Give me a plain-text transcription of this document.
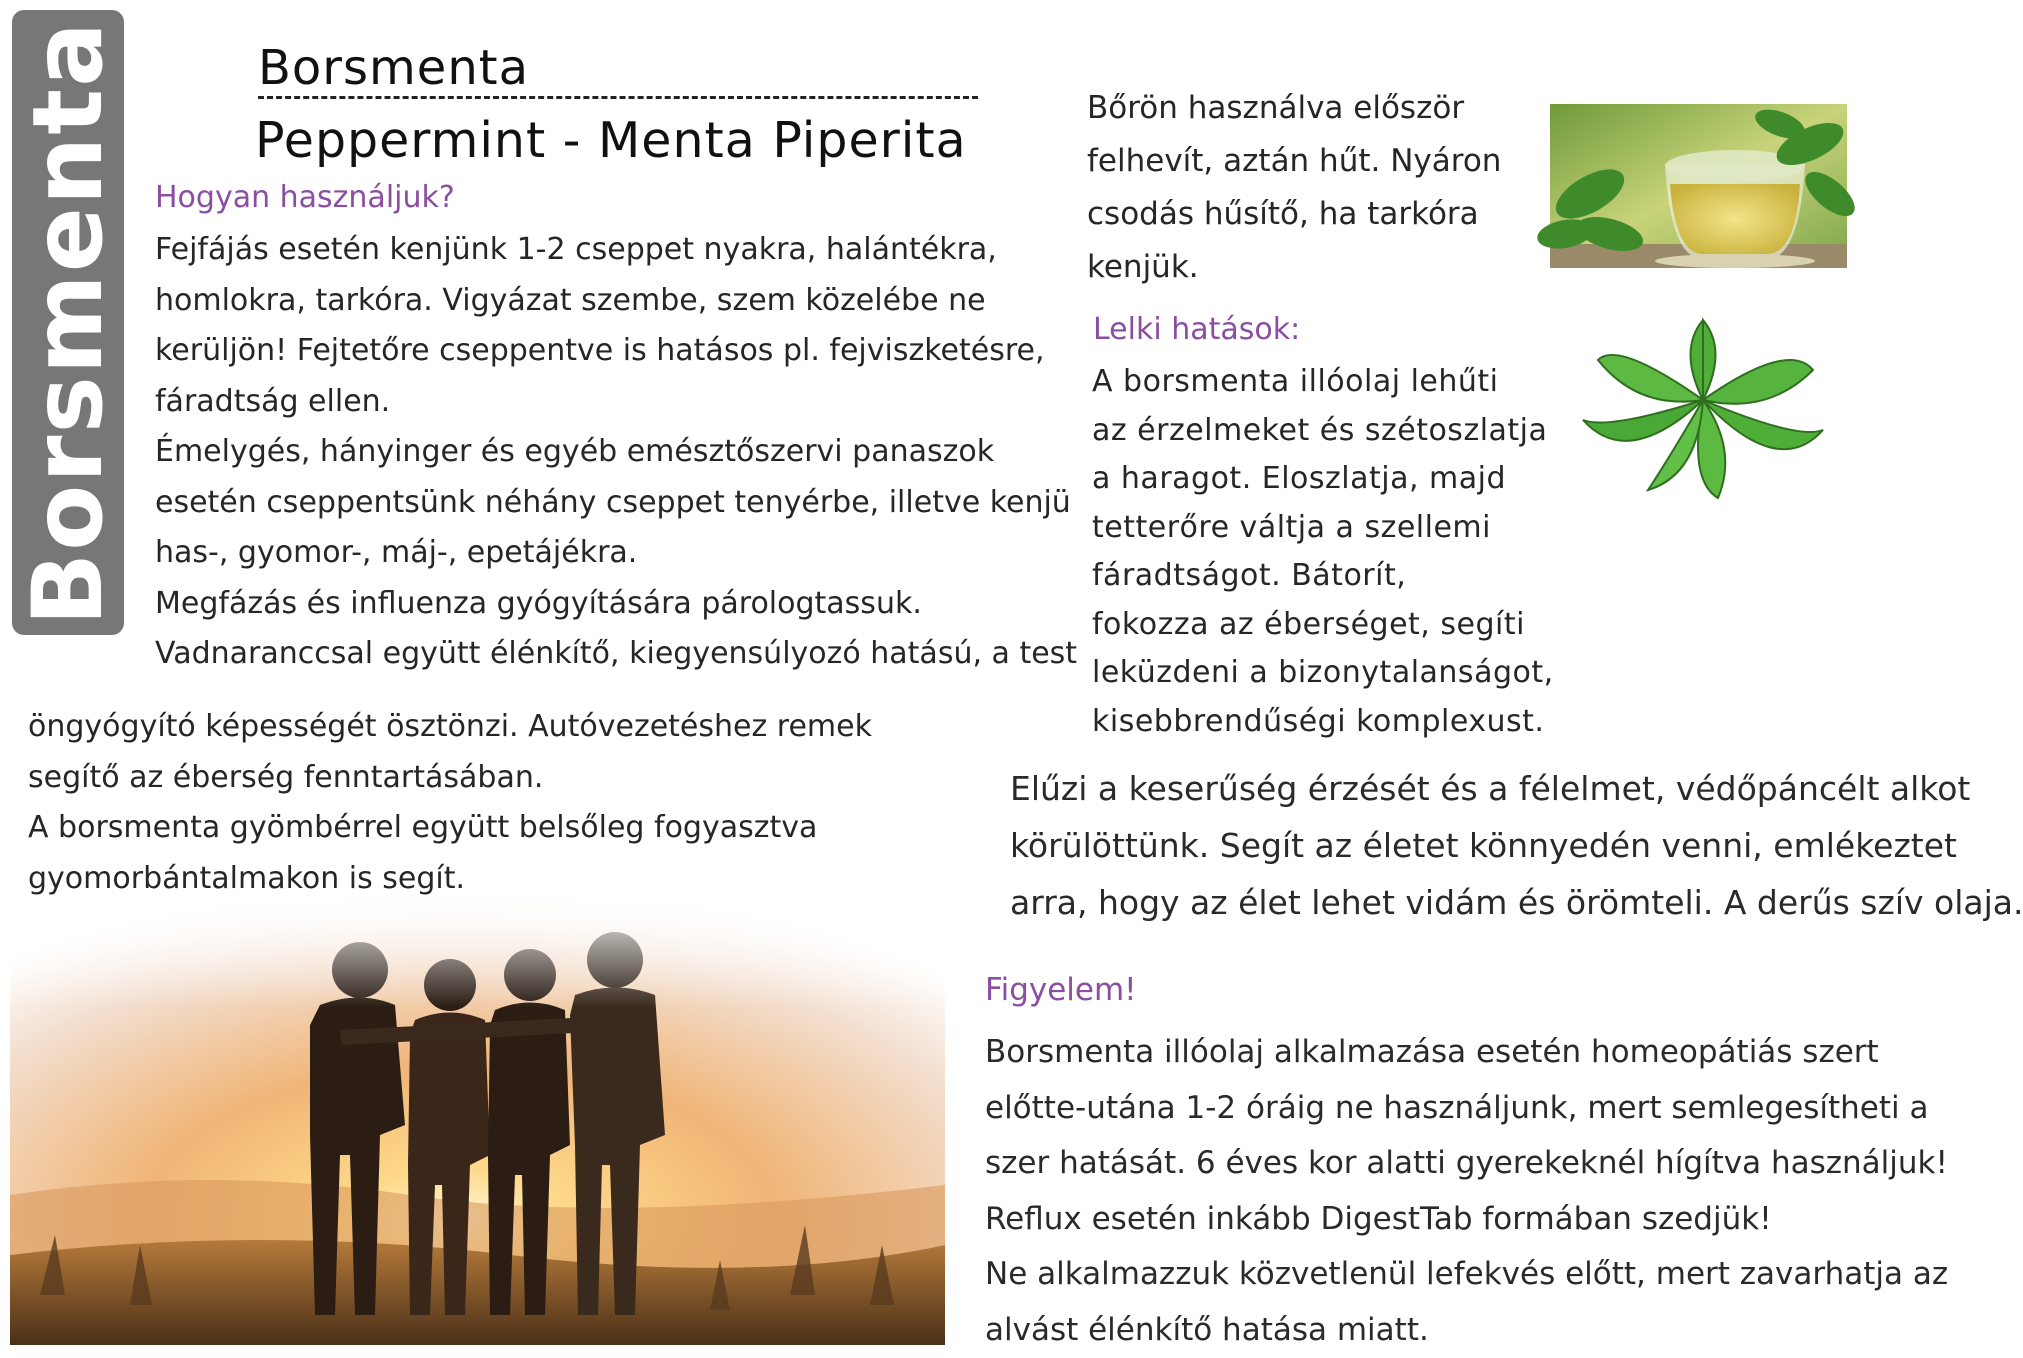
Borsmenta	Borsmenta
Peppermint - Menta Piperita
Hogyan használjuk?
Fejfájás esetén kenjünk 1-2 cseppet nyakra, halántékra,
homlokra, tarkóra. Vigyázat szembe, szem közelébe ne
kerüljön! Fejtetőre cseppentve is hatásos pl. fejviszketésre,
fáradtság ellen.
Émelygés, hányinger és egyéb emésztőszervi panaszok
esetén cseppentsünk néhány cseppet tenyérbe, illetve kenjü
has-, gyomor-, máj-, epetájékra.
Megfázás és influenza gyógyítására párologtassuk.
Vadnaranccsal együtt élénkítő, kiegyensúlyozó hatású, a test
öngyógyító képességét ösztönzi. Autóvezetéshez remek
segítő az éberség fenntartásában.
A borsmenta gyömbérrel együtt belsőleg fogyasztva
gyomorbántalmakon is segít.
Bőrön használva először
felhevít, aztán hűt. Nyáron
csodás hűsítő, ha tarkóra
kenjük.
Lelki hatások:
A borsmenta illóolaj lehűti
az érzelmeket és szétoszlatja
a haragot. Eloszlatja, majd
tetterőre váltja a szellemi
fáradtságot. Bátorít,
fokozza az éberséget, segíti
leküzdeni a bizonytalanságot,
kisebbrendűségi komplexust.
Elűzi a keserűség érzését és a félelmet, védőpáncélt alkot
körülöttünk. Segít az életet könnyedén venni, emlékeztet
arra, hogy az élet lehet vidám és örömteli. A derűs szív olaja.
Figyelem!
Borsmenta illóolaj alkalmazása esetén homeopátiás szert
előtte-utána 1-2 óráig ne használjunk, mert semlegesítheti a
szer hatását. 6 éves kor alatti gyerekeknél hígítva használjuk!
Reflux esetén inkább DigestTab formában szedjük!
Ne alkalmazzuk közvetlenül lefekvés előtt, mert zavarhatja az
alvást élénkítő hatása miatt.
